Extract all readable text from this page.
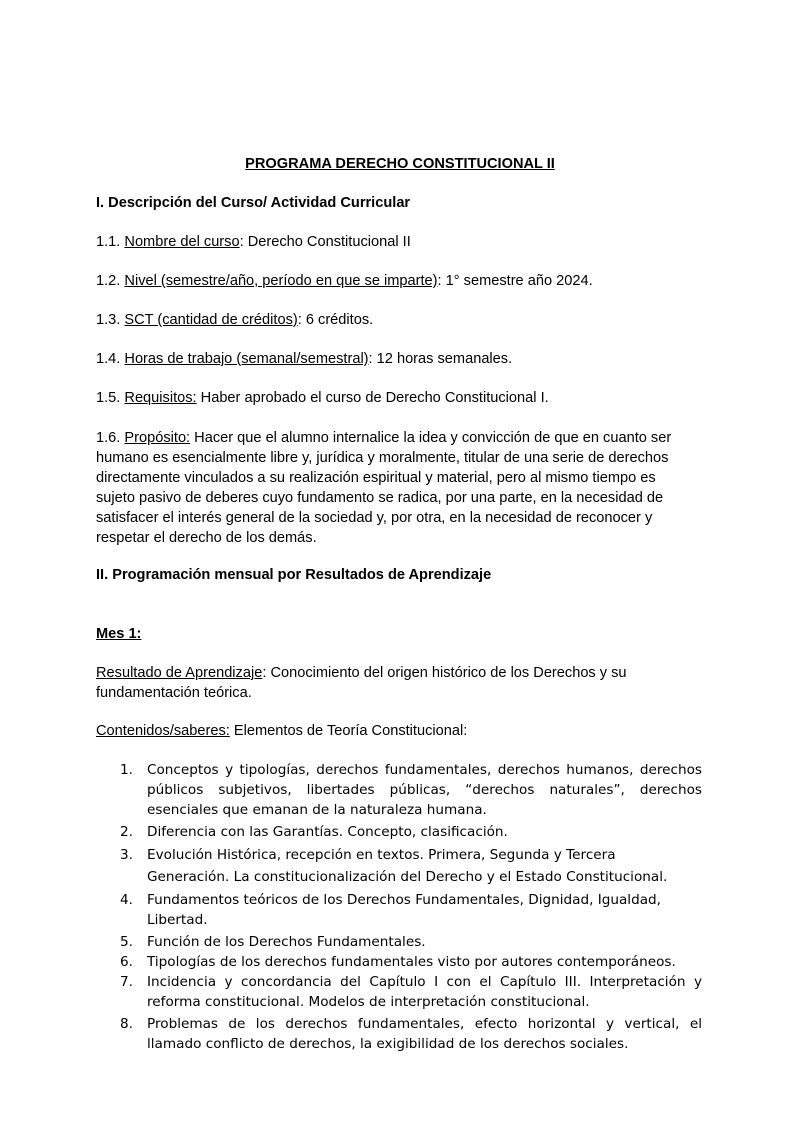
PROGRAMA DERECHO CONSTITUCIONAL II
I. Descripción del Curso/ Actividad Curricular
1.1. Nombre del curso: Derecho Constitucional II
1.2. Nivel (semestre/año, período en que se imparte): 1° semestre año 2024.
1.3. SCT (cantidad de créditos): 6 créditos.
1.4. Horas de trabajo (semanal/semestral): 12 horas semanales.
1.5. Requisitos: Haber aprobado el curso de Derecho Constitucional I.
1.6. Propósito: Hacer que el alumno internalice la idea y convicción de que en cuanto ser humano es esencialmente libre y, jurídica y moralmente, titular de una serie de derechos directamente vinculados a su realización espiritual y material, pero al mismo tiempo es sujeto pasivo de deberes cuyo fundamento se radica, por una parte, en la necesidad de satisfacer el interés general de la sociedad y, por otra, en la necesidad de reconocer y respetar el derecho de los demás.
II. Programación mensual por Resultados de Aprendizaje
Mes 1:
Resultado de Aprendizaje: Conocimiento del origen histórico de los Derechos y su fundamentación teórica.
Contenidos/saberes: Elementos de Teoría Constitucional:
1. Conceptos y tipologías, derechos fundamentales, derechos humanos, derechos públicos subjetivos, libertades públicas, “derechos naturales”, derechos esenciales que emanan de la naturaleza humana.
2. Diferencia con las Garantías. Concepto, clasificación.
3. Evolución Histórica, recepción en textos. Primera, Segunda y Tercera Generación. La constitucionalización del Derecho y el Estado Constitucional.
4. Fundamentos teóricos de los Derechos Fundamentales, Dignidad, Igualdad, Libertad.
5. Función de los Derechos Fundamentales.
6. Tipologías de los derechos fundamentales visto por autores contemporáneos.
7. Incidencia y concordancia del Capítulo I con el Capítulo III. Interpretación y reforma constitucional. Modelos de interpretación constitucional.
8. Problemas de los derechos fundamentales, efecto horizontal y vertical, el llamado conflicto de derechos, la exigibilidad de los derechos sociales.
